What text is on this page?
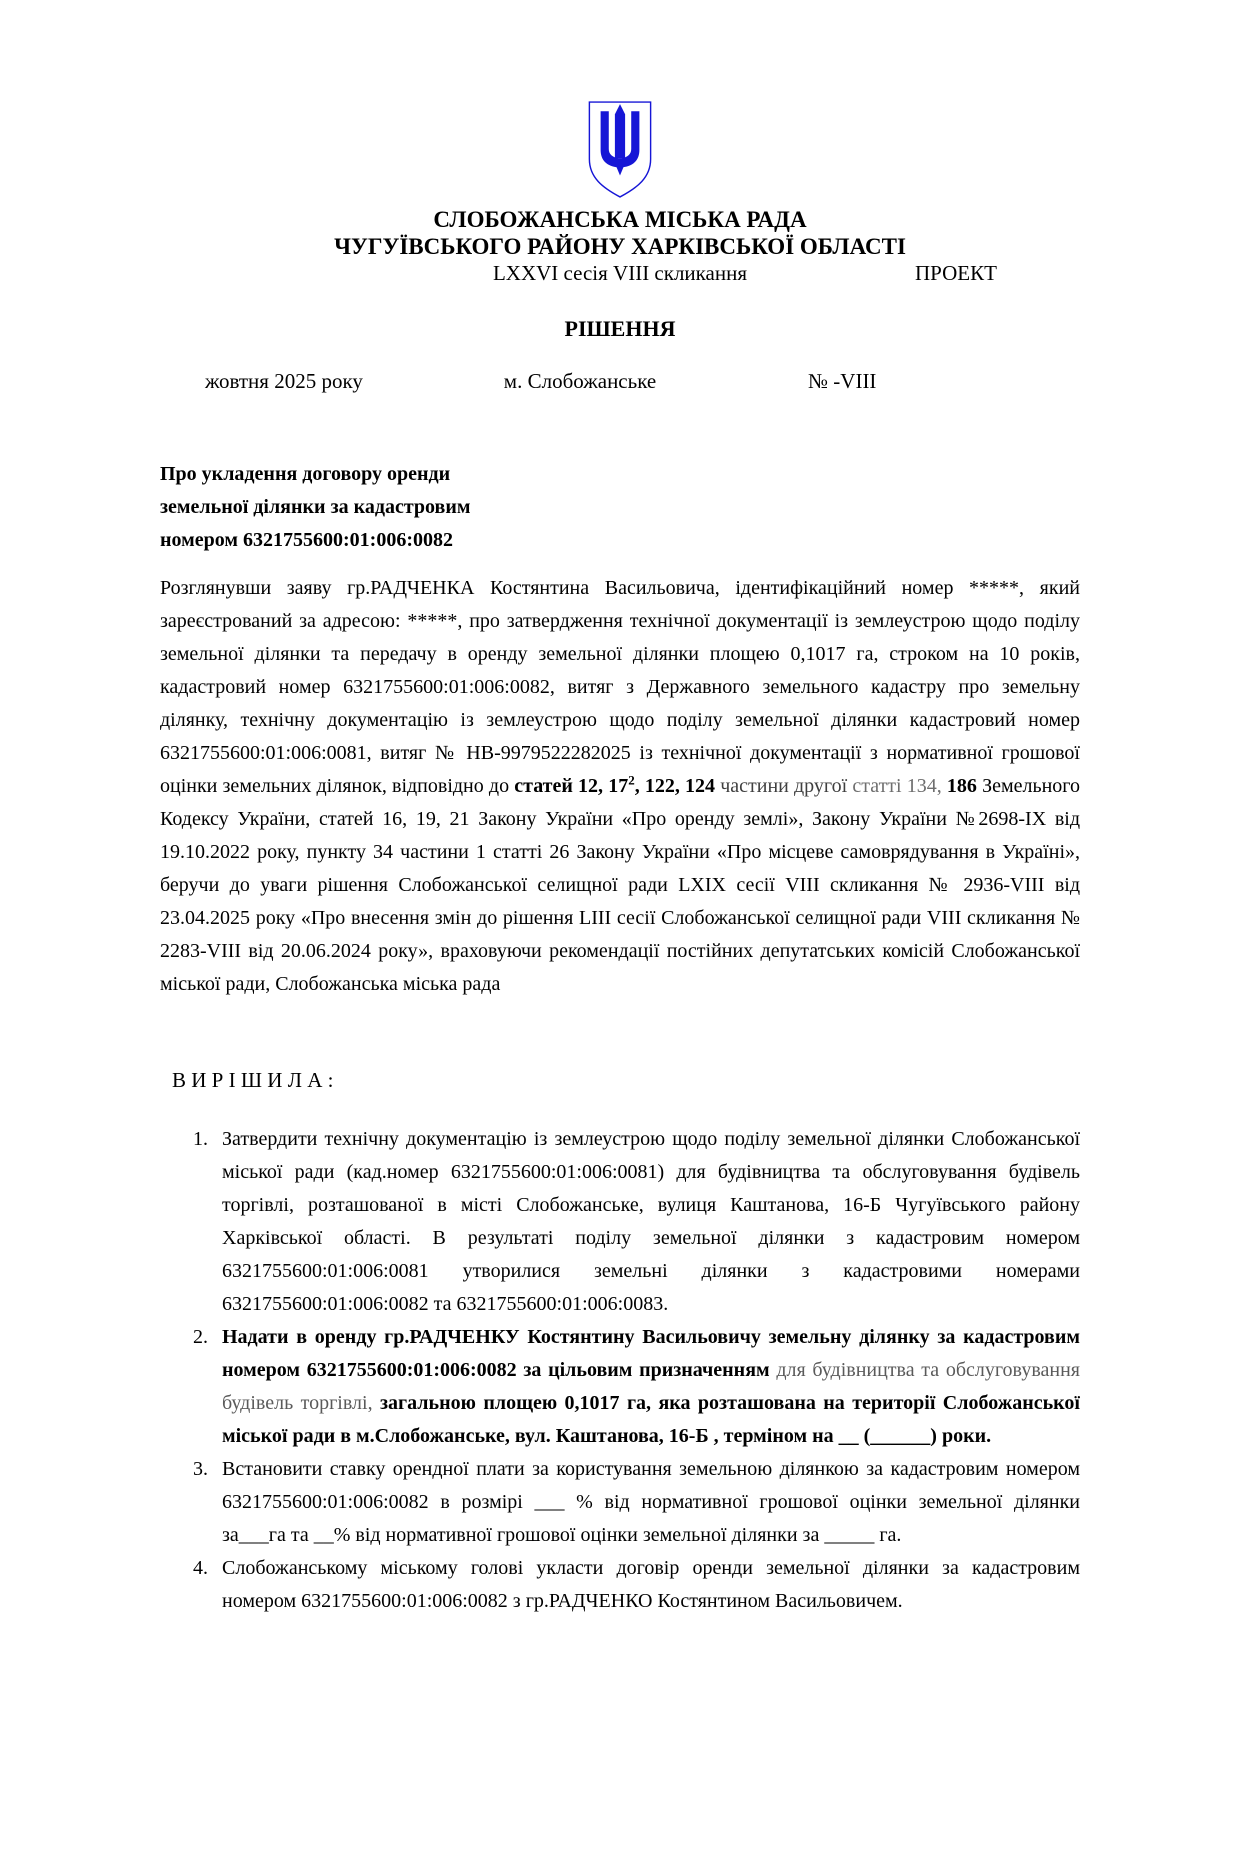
СЛОБОЖАНСЬКА МІСЬКА РАДА
ЧУГУЇВСЬКОГО РАЙОНУ ХАРКІВСЬКОЇ ОБЛАСТІ
LXXVI сесія VIII скликання	ПРОЕКТ
РІШЕННЯ
жовтня 2025 року	м. Слобожанське	№ -VIII
Про укладення договору оренди
земельної ділянки за кадастровим
номером 6321755600:01:006:0082

Розглянувши заяву гр.РАДЧЕНКА Костянтина Васильовича, ідентифікаційний номер *****, який зареєстрований за адресою: *****, про затвердження технічної документації із землеустрою щодо поділу земельної ділянки та передачу в оренду земельної ділянки площею 0,1017 га, строком на 10 років, кадастровий номер 6321755600:01:006:0082, витяг з Державного земельного кадастру про земельну ділянку, технічну документацію із землеустрою щодо поділу земельної ділянки кадастровий номер 6321755600:01:006:0081, витяг № НВ-9979522282025 із технічної документації з нормативної грошової оцінки земельних ділянок, відповідно до статей 12, $17^2$, 122, 124 частини другої статті 134, 186 Земельного Кодексу України, статей 16, 19, 21 Закону України «Про оренду землі», Закону України №2698-IX від 19.10.2022 року, пункту 34 частини 1 статті 26 Закону України «Про місцеве самоврядування в Україні», беручи до уваги рішення Слобожанської селищної ради LXIX сесії VIII скликання № 2936-VIII від 23.04.2025 року «Про внесення змін до рішення LIII сесії Слобожанської селищної ради VIII скликання № 2283-VIII від 20.06.2024 року», враховуючи рекомендації постійних депутатських комісій Слобожанської міської ради, Слобожанська міська рада

В И Р І Ш И Л А :
1. Затвердити технічну документацію із землеустрою щодо поділу земельної ділянки Слобожанської міської ради (кад.номер 6321755600:01:006:0081) для будівництва та обслуговування будівель торгівлі, розташованої в місті Слобожанське, вулиця Каштанова, 16-Б Чугуївського району Харківської області. В результаті поділу земельної ділянки з кадастровим номером 6321755600:01:006:0081 утворилися земельні ділянки з кадастровими номерами 6321755600:01:006:0082 та 6321755600:01:006:0083.
2. Надати в оренду гр.РАДЧЕНКУ Костянтину Васильовичу земельну ділянку за кадастровим номером 6321755600:01:006:0082 за цільовим призначенням для будівництва та обслуговування будівель торгівлі, загальною площею 0,1017 га, яка розташована на території Слобожанської міської ради в м.Слобожанське, вул. Каштанова, 16-Б , терміном на __ (______) роки.
3. Встановити ставку орендної плати за користування земельною ділянкою за кадастровим номером 6321755600:01:006:0082 в розмірі ___ % від нормативної грошової оцінки земельної ділянки за___га та __% від нормативної грошової оцінки земельної ділянки за _____ га.
4. Слобожанському міському голові укласти договір оренди земельної ділянки за кадастровим номером 6321755600:01:006:0082 з гр.РАДЧЕНКО Костянтином Васильовичем.
